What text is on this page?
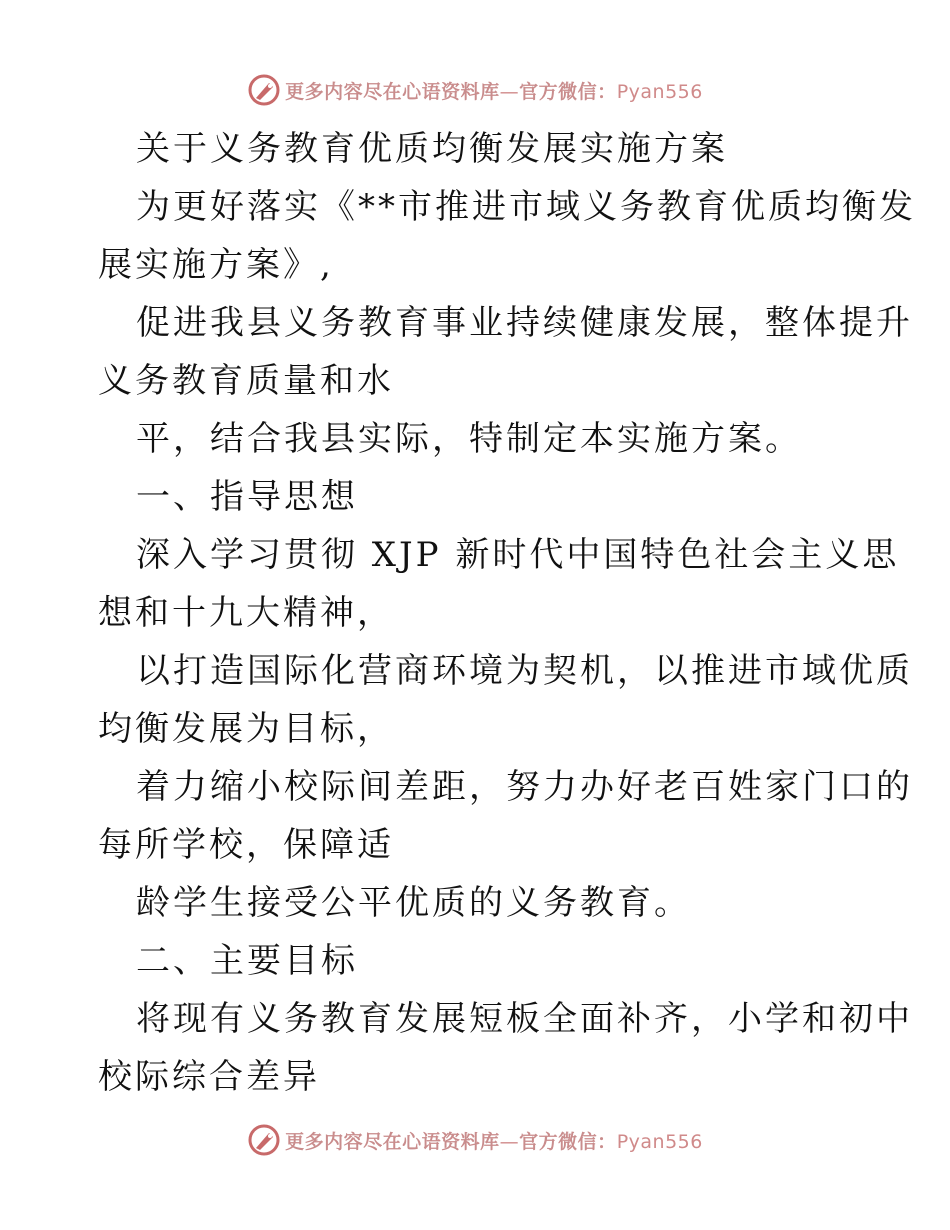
更多内容尽在心语资料库—官方微信：Pyan556
关于义务教育优质均衡发展实施方案
为更好落实《**市推进市域义务教育优质均衡发
展实施方案》,
促进我县义务教育事业持续健康发展，整体提升
义务教育质量和水
平，结合我县实际，特制定本实施方案。
一、指导思想
深入学习贯彻 XJP 新时代中国特色社会主义思
想和十九大精神，
以打造国际化营商环境为契机，以推进市域优质
均衡发展为目标，
着力缩小校际间差距，努力办好老百姓家门口的
每所学校，保障适
龄学生接受公平优质的义务教育。
二、主要目标
将现有义务教育发展短板全面补齐，小学和初中
校际综合差异
更多内容尽在心语资料库—官方微信：Pyan556
